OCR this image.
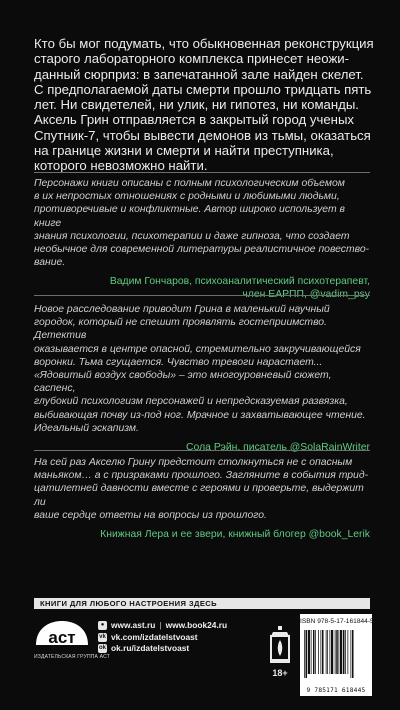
Кто бы мог подумать, что обыкновенная реконструкция

старого лабораторного комплекса принесет неожи-

данный сюрприз: в запечатанной зале найден скелет.

С предполагаемой даты смерти прошло тридцать пять

лет. Ни свидетелей, ни улик, ни гипотез, ни команды.

Аксель Грин отправляется в закрытый город ученых

Спутник-7, чтобы вывести демонов из тьмы, оказаться

на границе жизни и смерти и найти преступника,

которого невозможно найти.

Персонажи книги описаны с полным психологическим объемом
в их непростых отношениях с родными и любимыми людьми,
противоречивые и конфликтные. Автор широко использует в книге
знания психологии, психотерапии и даже гипноза, что создает
необычное для современной литературы реалистичное повество-
вание.
Вадим Гончаров, психоаналитический психотерапевт,
член ЕАРПП, @vadim_psy
Новое расследование приводит Грина в маленький научный
городок, который не спешит проявлять гостеприимство. Детектив
оказывается в центре опасной, стремительно закручивающейся
воронки. Тьма сгущается. Чувство тревоги нарастает...
«Ядовитый воздух свободы» – это многоуровневый сюжет, саспенс,
глубокий психологизм персонажей и непредсказуемая развязка,
выбивающая почву из-под ног. Мрачное и захватывающее чтение.
Идеальный эскапизм.
Сола Рэйн, писатель @SolaRainWriter
На сей раз Акселю Грину предстоит столкнуться не с опасным
маньяком… а с призраками прошлого. Загляните в события трид-
цатилетней давности вместе с героями и проверьте, выдержит ли
ваше сердце ответы на вопросы из прошлого.
Книжная Лера и ее звери, книжный блогер @book_Lerik
КНИГИ ДЛЯ ЛЮБОГО НАСТРОЕНИЯ ЗДЕСЬ
аст
ИЗДАТЕЛЬСКАЯ ГРУППА АСТ
● www.ast.ru | www.book24.ru
vk vk.com/izdatelstvoast
ok ok.ru/izdatelstvoast
18+
ISBN 978-5-17-161844-5
9 785171 618445
